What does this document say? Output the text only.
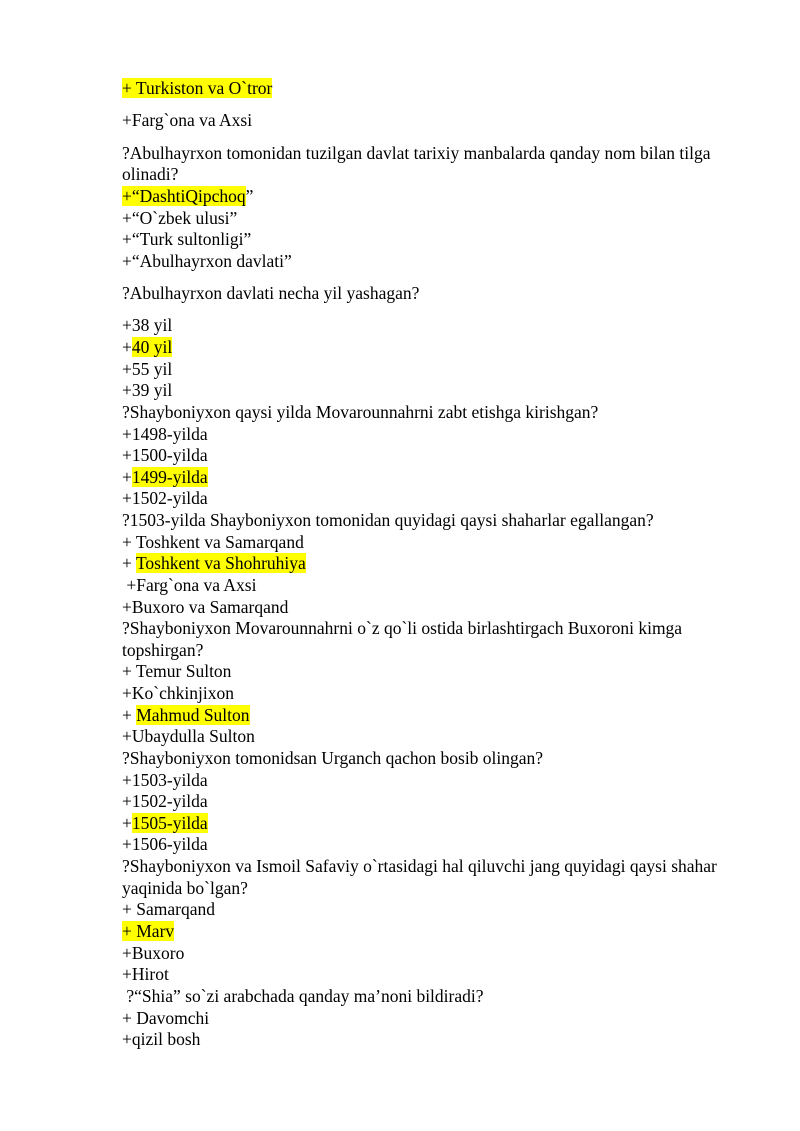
+ Turkiston va O`tror
+Farg`ona va Axsi
?Abulhayrxon tomonidan tuzilgan davlat tarixiy manbalarda qanday nom bilan tilga
olinadi?
+“DashtiQipchoq”
+“O`zbek ulusi”
+“Turk sultonligi”
+“Abulhayrxon davlati”
?Abulhayrxon davlati necha yil yashagan?
+38 yil
+40 yil
+55 yil
+39 yil
?Shayboniyxon qaysi yilda Movarounnahrni zabt etishga kirishgan?
+1498-yilda
+1500-yilda
+1499-yilda
+1502-yilda
?1503-yilda Shayboniyxon tomonidan quyidagi qaysi shaharlar egallangan?
+ Toshkent va Samarqand
+ Toshkent va Shohruhiya
+Farg`ona va Axsi
+Buxoro va Samarqand
?Shayboniyxon Movarounnahrni o`z qo`li ostida birlashtirgach Buxoroni kimga
topshirgan?
+ Temur Sulton
+Ko`chkinjixon
+ Mahmud Sulton
+Ubaydulla Sulton
?Shayboniyxon tomonidsan Urganch qachon bosib olingan?
+1503-yilda
+1502-yilda
+1505-yilda
+1506-yilda
?Shayboniyxon va Ismoil Safaviy o`rtasidagi hal qiluvchi jang quyidagi qaysi shahar
yaqinida bo`lgan?
+ Samarqand
+ Marv
+Buxoro
+Hirot
?“Shia” so`zi arabchada qanday ma’noni bildiradi?
+ Davomchi
+qizil bosh
